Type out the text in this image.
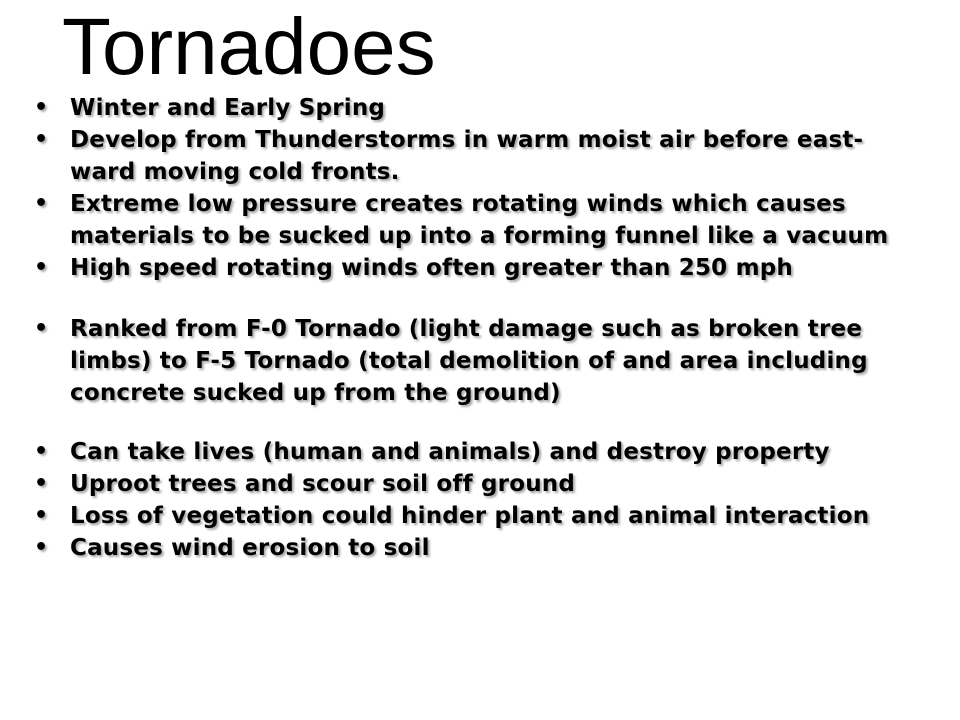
Tornadoes
• Winter and Early Spring
• Develop from Thunderstorms in warm moist air before east-ward moving cold fronts.
• Extreme low pressure creates rotating winds which causes materials to be sucked up into a forming funnel like a vacuum
• High speed rotating winds often greater than 250 mph
• Ranked from F-0 Tornado (light damage such as broken tree limbs) to F-5 Tornado (total demolition of and area including concrete sucked up from the ground)
• Can take lives (human and animals) and destroy property
• Uproot trees and scour soil off ground
• Loss of vegetation could hinder plant and animal interaction
• Causes wind erosion to soil
